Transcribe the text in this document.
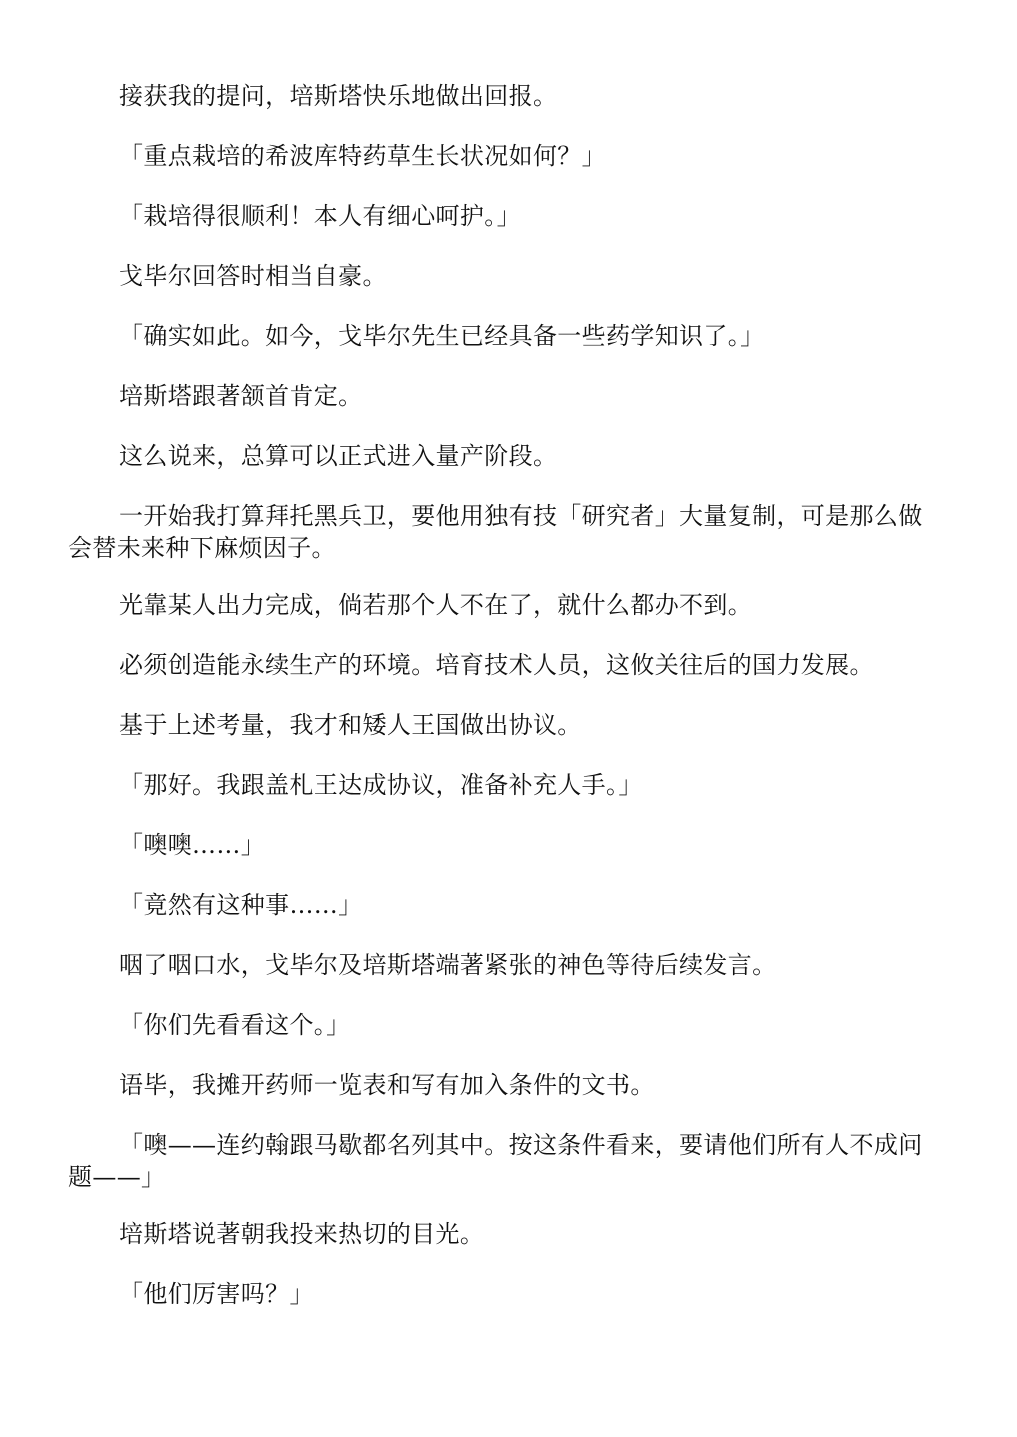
接获我的提问，培斯塔快乐地做出回报。

「重点栽培的希波库特药草生长状况如何？」

「栽培得很顺利！本人有细心呵护。」

戈毕尔回答时相当自豪。

「确实如此。如今，戈毕尔先生已经具备一些药学知识了。」

培斯塔跟著颔首肯定。

这么说来，总算可以正式进入量产阶段。

一开始我打算拜托黑兵卫，要他用独有技「研究者」大量复制，可是那么做会替未来种下麻烦因子。

光靠某人出力完成，倘若那个人不在了，就什么都办不到。

必须创造能永续生产的环境。培育技术人员，这攸关往后的国力发展。

基于上述考量，我才和矮人王国做出协议。

「那好。我跟盖札王达成协议，准备补充人手。」

「噢噢……」

「竟然有这种事……」

咽了咽口水，戈毕尔及培斯塔端著紧张的神色等待后续发言。

「你们先看看这个。」

语毕，我摊开药师一览表和写有加入条件的文书。

「噢——连约翰跟马歇都名列其中。按这条件看来，要请他们所有人不成问题——」

培斯塔说著朝我投来热切的目光。

「他们厉害吗？」
